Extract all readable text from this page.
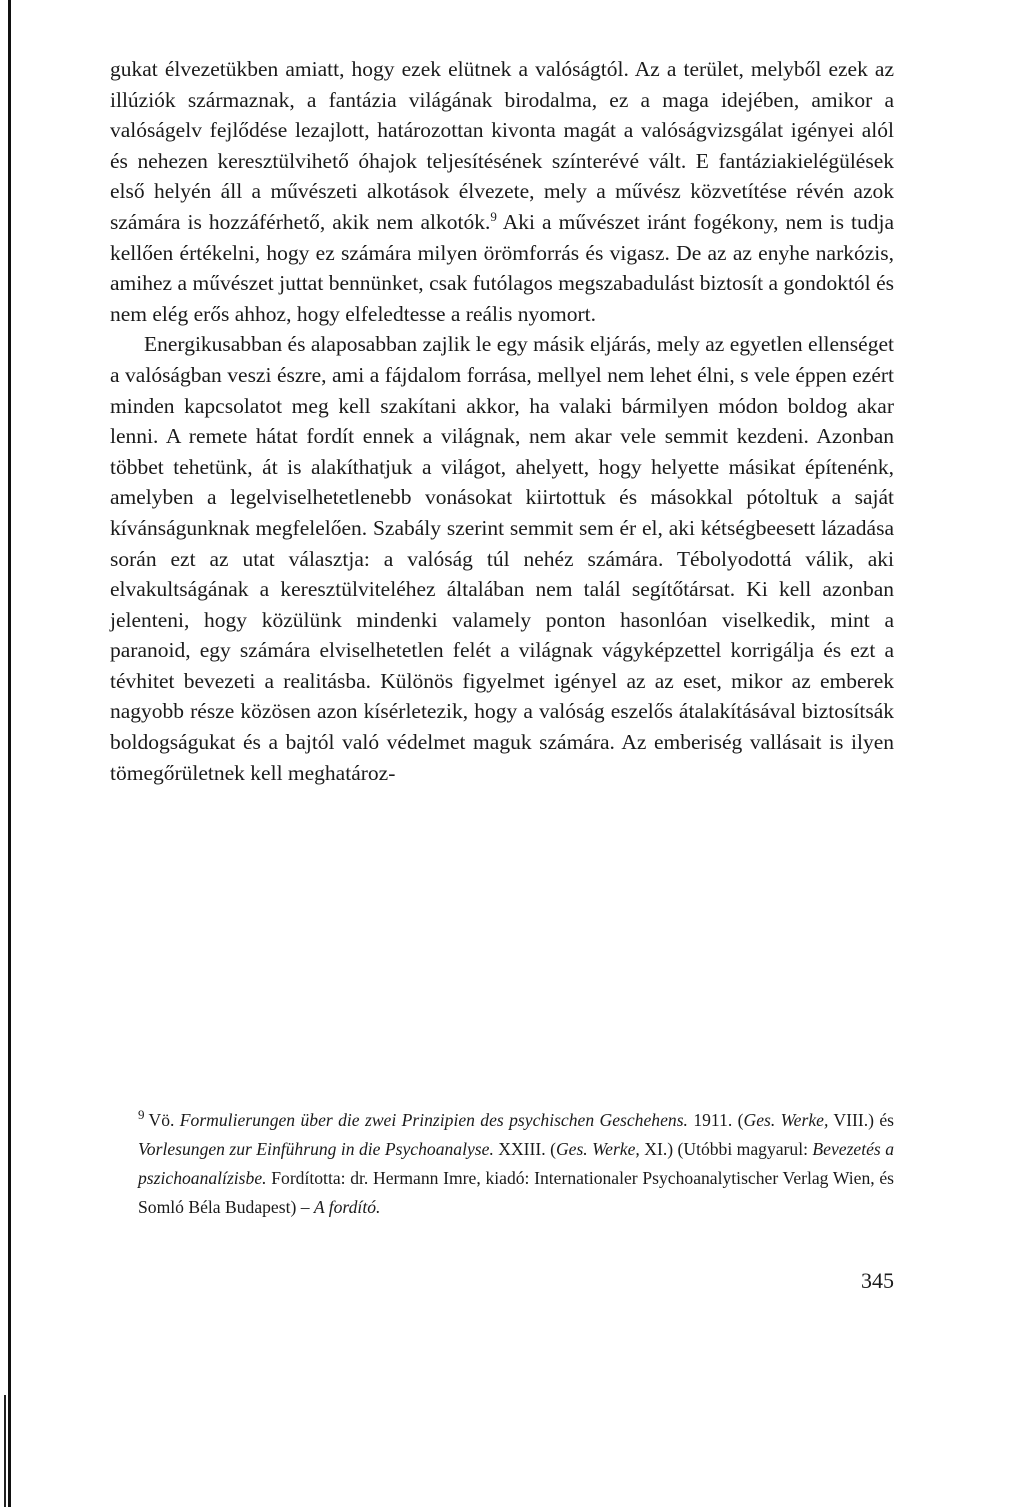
gukat élvezetükben amiatt, hogy ezek elütnek a valóságtól. Az a terület, melyből ezek az illúziók származnak, a fantázia világának birodalma, ez a maga idejében, amikor a valóságelv fejlődése lezajlott, határozottan kivonta magát a valóságvizsgálat igényei alól és nehezen keresztülvihető óhajok teljesítésének színterévé vált. E fantáziakielégülések első helyén áll a művészeti alkotások élvezete, mely a művész közvetítése révén azok számára is hozzáférhető, akik nem alkotók.$^9$ Aki a művészet iránt fogékony, nem is tudja kellően értékelni, hogy ez számára milyen örömforrás és vigasz. De az az enyhe narkózis, amihez a művészet juttat bennünket, csak futólagos megszabadulást biztosít a gondoktól és nem elég erős ahhoz, hogy elfeledtesse a reális nyomort.

Energikusabban és alaposabban zajlik le egy másik eljárás, mely az egyetlen ellenséget a valóságban veszi észre, ami a fájdalom forrása, mellyel nem lehet élni, s vele éppen ezért minden kapcsolatot meg kell szakítani akkor, ha valaki bármilyen módon boldog akar lenni. A remete hátat fordít ennek a világnak, nem akar vele semmit kezdeni. Azonban többet tehetünk, át is alakíthatjuk a világot, ahelyett, hogy helyette másikat építenénk, amelyben a legelviselhetetlenebb vonásokat kiirtottuk és másokkal pótoltuk a saját kívánságunknak megfelelően. Szabály szerint semmit sem ér el, aki kétségbeesett lázadása során ezt az utat választja: a valóság túl nehéz számára. Tébolyodottá válik, aki elvakultságának a keresztülviteléhez általában nem talál segítőtársat. Ki kell azonban jelenteni, hogy közülünk mindenki valamely ponton hasonlóan viselkedik, mint a paranoid, egy számára elviselhetetlen felét a világnak vágyképzettel korrigálja és ezt a tévhitet bevezeti a realitásba. Különös figyelmet igényel az az eset, mikor az emberek nagyobb része közösen azon kísérletezik, hogy a valóság eszelős átalakításával biztosítsák boldogságukat és a bajtól való védelmet maguk számára. Az emberiség vallásait is ilyen tömegőrületnek kell meghatároz-

$^9$ Vö. Formulierungen über die zwei Prinzipien des psychischen Geschehens. 1911. (Ges. Werke, VIII.) és Vorlesungen zur Einführung in die Psychoanalyse. XXIII. (Ges. Werke, XI.) (Utóbbi magyarul: Bevezetés a pszichoanalízisbe. Fordította: dr. Hermann Imre, kiadó: Internationaler Psychoanalytischer Verlag Wien, és Somló Béla Budapest) – A fordító.
345
